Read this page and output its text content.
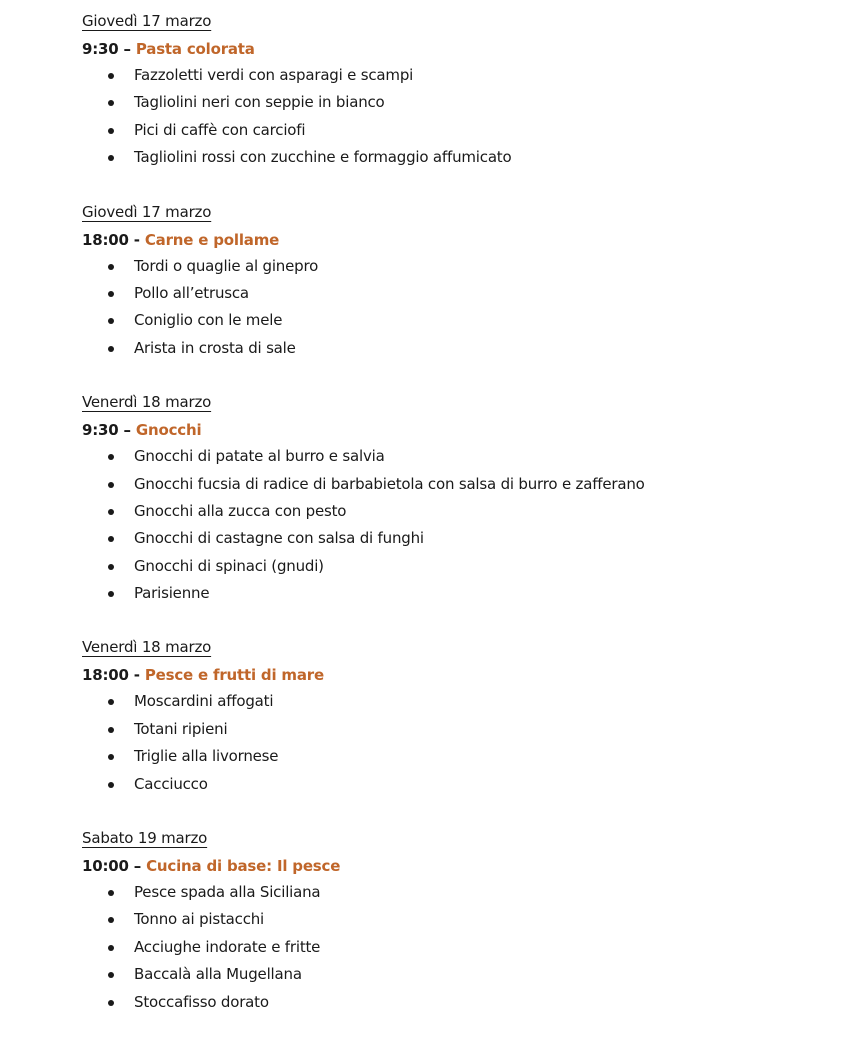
Giovedì 17 marzo
9:30 – Pasta colorata
Fazzoletti verdi con asparagi e scampi
Tagliolini neri con seppie in bianco
Pici di caffè con carciofi
Tagliolini rossi con zucchine e formaggio affumicato
Giovedì 17 marzo
18:00 - Carne e pollame
Tordi o quaglie al ginepro
Pollo all’etrusca
Coniglio con le mele
Arista in crosta di sale
Venerdì 18 marzo
9:30 – Gnocchi
Gnocchi di patate al burro e salvia
Gnocchi fucsia di radice di barbabietola con salsa di burro e zafferano
Gnocchi alla zucca con pesto
Gnocchi di castagne con salsa di funghi
Gnocchi di spinaci (gnudi)
Parisienne
Venerdì 18 marzo
18:00 - Pesce e frutti di mare
Moscardini affogati
Totani ripieni
Triglie alla livornese
Cacciucco
Sabato 19 marzo
10:00 – Cucina di base: Il pesce
Pesce spada alla Siciliana
Tonno ai pistacchi
Acciughe indorate e fritte
Baccalà alla Mugellana
Stoccafisso dorato
